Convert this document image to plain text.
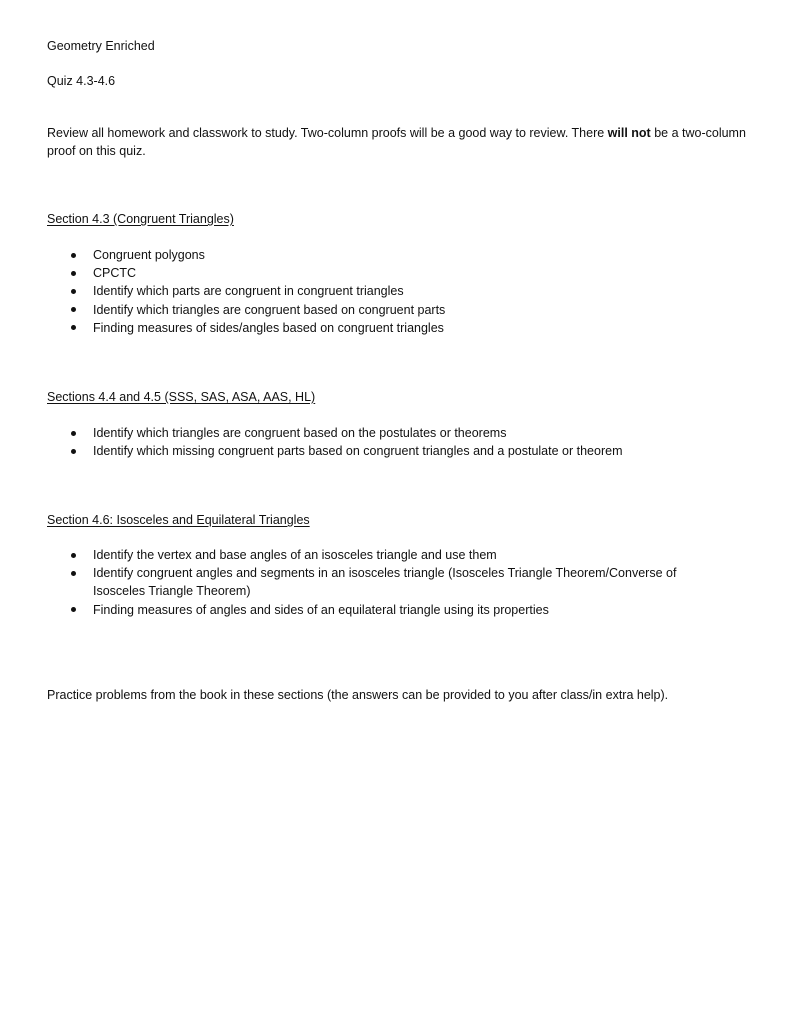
Geometry Enriched
Quiz 4.3-4.6
Review all homework and classwork to study. Two-column proofs will be a good way to review. There will not be a two-column proof on this quiz.
Section 4.3 (Congruent Triangles)
Congruent polygons
CPCTC
Identify which parts are congruent in congruent triangles
Identify which triangles are congruent based on congruent parts
Finding measures of sides/angles based on congruent triangles
Sections 4.4 and 4.5 (SSS, SAS, ASA, AAS, HL)
Identify which triangles are congruent based on the postulates or theorems
Identify which missing congruent parts based on congruent triangles and a postulate or theorem
Section 4.6: Isosceles and Equilateral Triangles
Identify the vertex and base angles of an isosceles triangle and use them
Identify congruent angles and segments in an isosceles triangle (Isosceles Triangle Theorem/Converse of Isosceles Triangle Theorem)
Finding measures of angles and sides of an equilateral triangle using its properties
Practice problems from the book in these sections (the answers can be provided to you after class/in extra help).
